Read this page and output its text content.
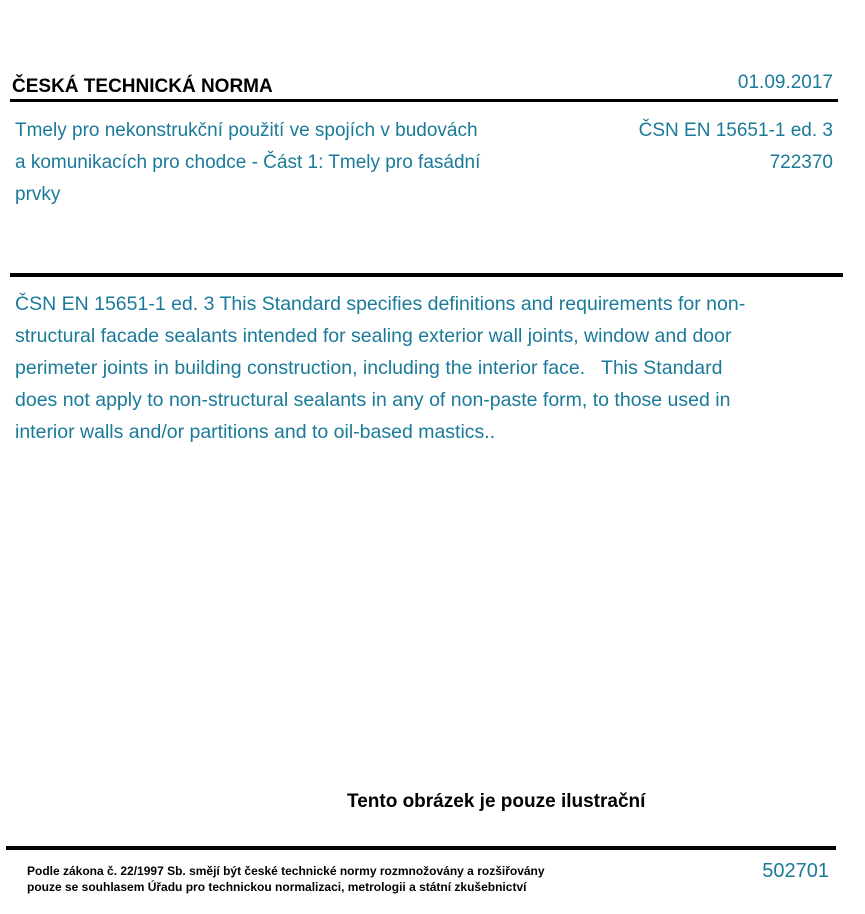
ČESKÁ TECHNICKÁ NORMA	01.09.2017
Tmely pro nekonstrukční použití ve spojích v budovách a komunikacích pro chodce - Část 1: Tmely pro fasádní prvky
ČSN EN 15651-1 ed. 3
722370
ČSN EN 15651-1 ed. 3 This Standard specifies definitions and requirements for non-structural facade sealants intended for sealing exterior wall joints, window and door perimeter joints in building construction, including the interior face.   This Standard does not apply to non-structural sealants in any of non-paste form, to those used in interior walls and/or partitions and to oil-based mastics..
Tento obrázek je pouze ilustrační
Podle zákona č. 22/1997 Sb. smějí být české technické normy rozmnožovány a rozšiřovány
pouze se souhlasem Úřadu pro technickou normalizaci, metrologii a státní zkušebnictví
502701
